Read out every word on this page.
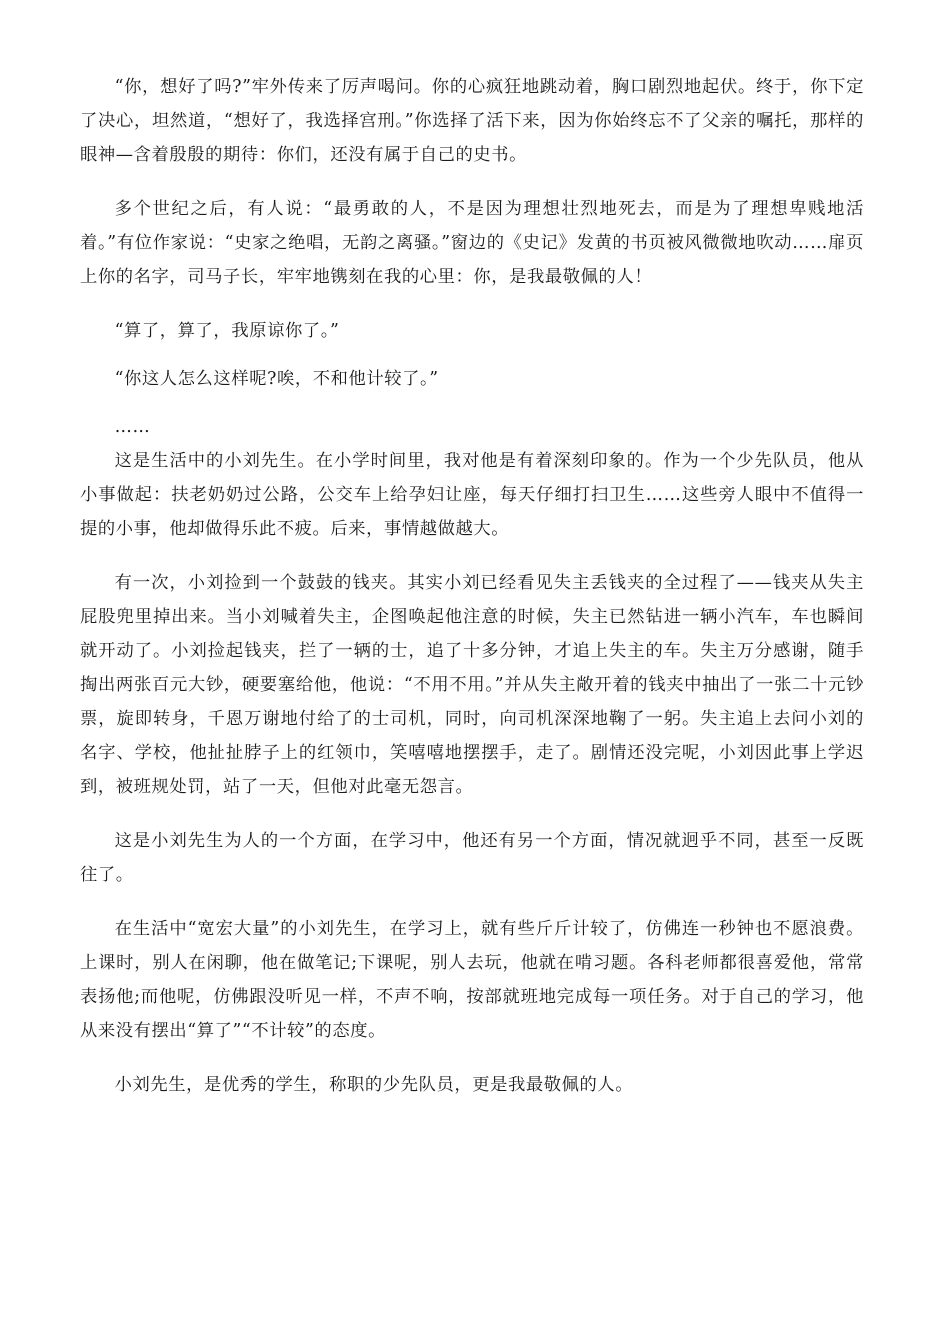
“你，想好了吗?”牢外传来了厉声喝问。你的心疯狂地跳动着，胸口剧烈地起伏。终于，你下定了决心，坦然道，“想好了，我选择宫刑。”你选择了活下来，因为你始终忘不了父亲的嘱托，那样的眼神—含着殷殷的期待：你们，还没有属于自己的史书。

多个世纪之后，有人说：“最勇敢的人，不是因为理想壮烈地死去，而是为了理想卑贱地活着。”有位作家说：“史家之绝唱，无韵之离骚。”窗边的《史记》发黄的书页被风微微地吹动……扉页上你的名字，司马子长，牢牢地镌刻在我的心里：你，是我最敬佩的人！

“算了，算了，我原谅你了。”

“你这人怎么这样呢?唉，不和他计较了。”

……

这是生活中的小刘先生。在小学时间里，我对他是有着深刻印象的。作为一个少先队员，他从小事做起：扶老奶奶过公路，公交车上给孕妇让座，每天仔细打扫卫生……这些旁人眼中不值得一提的小事，他却做得乐此不疲。后来，事情越做越大。

有一次，小刘捡到一个鼓鼓的钱夹。其实小刘已经看见失主丢钱夹的全过程了——钱夹从失主屁股兜里掉出来。当小刘喊着失主，企图唤起他注意的时候，失主已然钻进一辆小汽车，车也瞬间就开动了。小刘捡起钱夹，拦了一辆的士，追了十多分钟，才追上失主的车。失主万分感谢，随手掏出两张百元大钞，硬要塞给他，他说：“不用不用。”并从失主敞开着的钱夹中抽出了一张二十元钞票，旋即转身，千恩万谢地付给了的士司机，同时，向司机深深地鞠了一躬。失主追上去问小刘的名字、学校，他扯扯脖子上的红领巾，笑嘻嘻地摆摆手，走了。剧情还没完呢，小刘因此事上学迟到，被班规处罚，站了一天，但他对此毫无怨言。

这是小刘先生为人的一个方面，在学习中，他还有另一个方面，情况就迥乎不同，甚至一反既往了。

在生活中“宽宏大量”的小刘先生，在学习上，就有些斤斤计较了，仿佛连一秒钟也不愿浪费。上课时，别人在闲聊，他在做笔记;下课呢，别人去玩，他就在啃习题。各科老师都很喜爱他，常常表扬他;而他呢，仿佛跟没听见一样，不声不响，按部就班地完成每一项任务。对于自己的学习，他从来没有摆出“算了”“不计较”的态度。

小刘先生，是优秀的学生，称职的少先队员，更是我最敬佩的人。
